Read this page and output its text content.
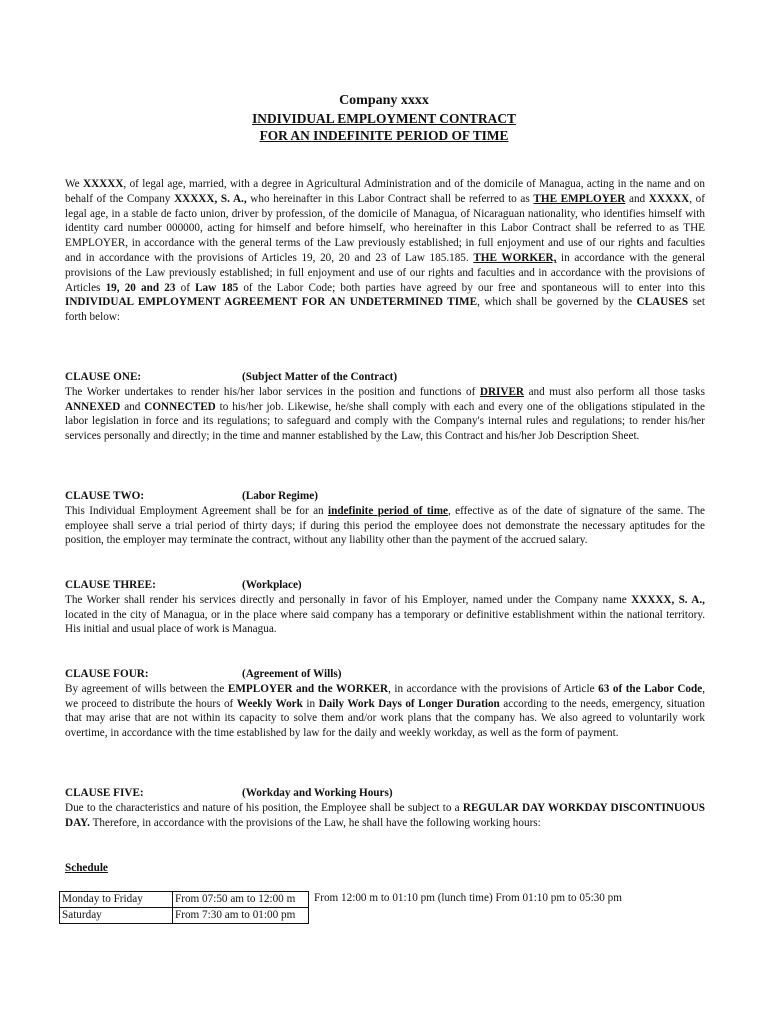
Company xxxx
INDIVIDUAL EMPLOYMENT CONTRACT
FOR AN INDEFINITE PERIOD OF TIME

We XXXXX, of legal age, married, with a degree in Agricultural Administration and of the domicile of Managua, acting in the name and on behalf of the Company XXXXX, S. A., who hereinafter in this Labor Contract shall be referred to as THE EMPLOYER and XXXXX, of legal age, in a stable de facto union, driver by profession, of the domicile of Managua, of Nicaraguan nationality, who identifies himself with identity card number 000000, acting for himself and before himself, who hereinafter in this Labor Contract shall be referred to as THE EMPLOYER, in accordance with the general terms of the Law previously established; in full enjoyment and use of our rights and faculties and in accordance with the provisions of Articles 19, 20, 20 and 23 of Law 185.185. THE WORKER, in accordance with the general provisions of the Law previously established; in full enjoyment and use of our rights and faculties and in accordance with the provisions of Articles 19, 20 and 23 of Law 185 of the Labor Code; both parties have agreed by our free and spontaneous will to enter into this INDIVIDUAL EMPLOYMENT AGREEMENT FOR AN UNDETERMINED TIME, which shall be governed by the CLAUSES set forth below:

CLAUSE ONE:	(Subject Matter of the Contract)

The Worker undertakes to render his/her labor services in the position and functions of DRIVER and must also perform all those tasks ANNEXED and CONNECTED to his/her job. Likewise, he/she shall comply with each and every one of the obligations stipulated in the labor legislation in force and its regulations; to safeguard and comply with the Company's internal rules and regulations; to render his/her services personally and directly; in the time and manner established by the Law, this Contract and his/her Job Description Sheet.

CLAUSE TWO:	(Labor Regime)

This Individual Employment Agreement shall be for an indefinite period of time, effective as of the date of signature of the same. The employee shall serve a trial period of thirty days; if during this period the employee does not demonstrate the necessary aptitudes for the position, the employer may terminate the contract, without any liability other than the payment of the accrued salary.

CLAUSE THREE:	(Workplace)

The Worker shall render his services directly and personally in favor of his Employer, named under the Company name XXXXX, S. A., located in the city of Managua, or in the place where said company has a temporary or definitive establishment within the national territory. His initial and usual place of work is Managua.

CLAUSE FOUR:	(Agreement of Wills)

By agreement of wills between the EMPLOYER and the WORKER, in accordance with the provisions of Article 63 of the Labor Code, we proceed to distribute the hours of Weekly Work in Daily Work Days of Longer Duration according to the needs, emergency, situation that may arise that are not within its capacity to solve them and/or work plans that the company has. We also agreed to voluntarily work overtime, in accordance with the time established by law for the daily and weekly workday, as well as the form of payment.

CLAUSE FIVE:	(Workday and Working Hours)

Due to the characteristics and nature of his position, the Employee shall be subject to a REGULAR DAY WORKDAY DISCONTINUOUS DAY. Therefore, in accordance with the provisions of the Law, he shall have the following working hours:

Schedule
Monday to Friday	From 07:50 am to 12:00 m
Saturday	From 7:30 am to 01:00 pm
From 12:00 m to 01:10 pm (lunch time) From 01:10 pm to 05:30 pm
